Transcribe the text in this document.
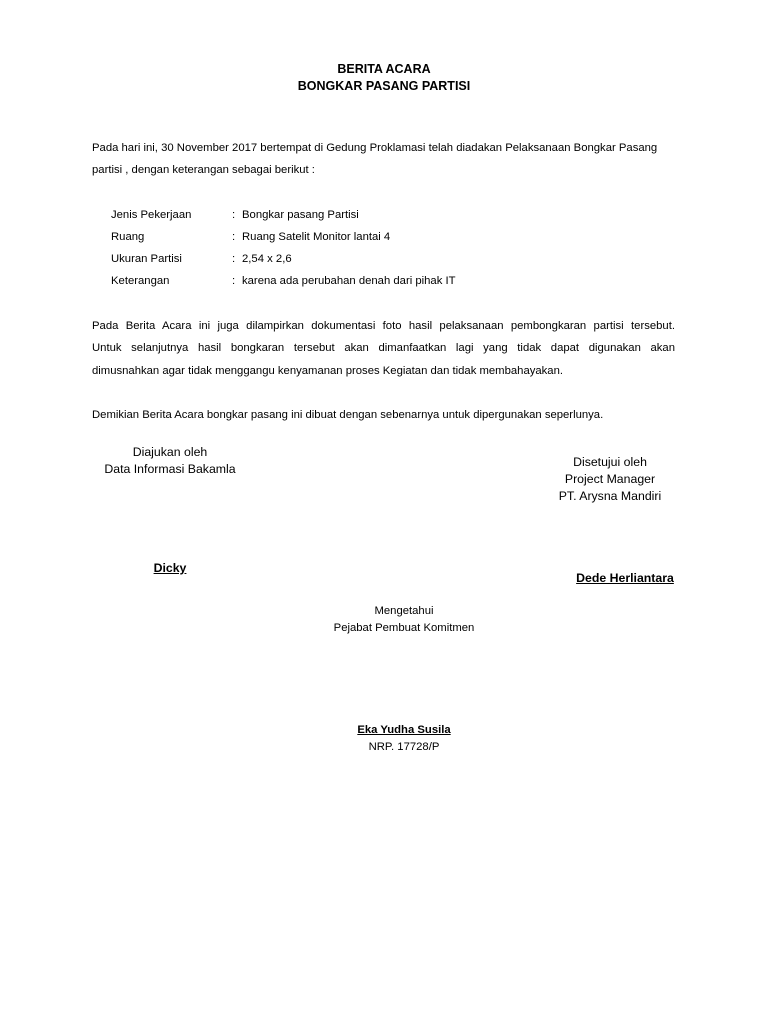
BERITA ACARA
BONGKAR PASANG PARTISI
Pada hari ini, 30 November 2017 bertempat di Gedung Proklamasi telah diadakan Pelaksanaan Bongkar Pasang
partisi , dengan keterangan sebagai berikut :
Jenis Pekerjaan	: Bongkar pasang Partisi
Ruang	: Ruang Satelit Monitor lantai 4
Ukuran Partisi	: 2,54 x 2,6
Keterangan	: karena ada perubahan denah dari pihak IT
Pada Berita Acara ini juga dilampirkan dokumentasi foto hasil pelaksanaan pembongkaran partisi tersebut.
Untuk selanjutnya hasil bongkaran tersebut akan dimanfaatkan lagi yang tidak dapat digunakan akan
dimusnahkan agar tidak menggangu kenyamanan proses Kegiatan dan tidak membahayakan.
Demikian Berita Acara bongkar pasang ini dibuat dengan sebenarnya untuk dipergunakan seperlunya.
Diajukan oleh
Data Informasi Bakamla
Dicky
Disetujui oleh
Project Manager
PT. Arysna Mandiri
Dede Herliantara
Mengetahui
Pejabat Pembuat Komitmen
Eka Yudha Susila
NRP. 17728/P
